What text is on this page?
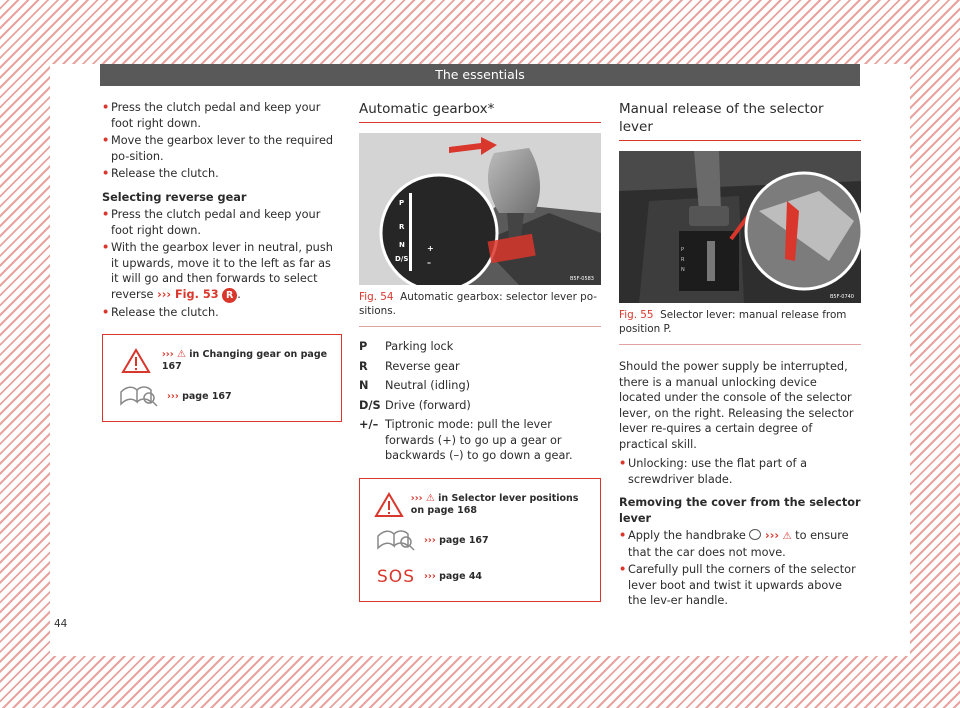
The essentials
• Press the clutch pedal and keep your foot right down.
• Move the gearbox lever to the required po-sition.
• Release the clutch.

Selecting reverse gear

• Press the clutch pedal and keep your foot right down.
• With the gearbox lever in neutral, push it upwards, move it to the left as far as it will go and then forwards to select reverse ››› Fig. 53 R .
• Release the clutch.
››› ⚠ in Changing gear on page 167
››› page 167
Automatic gearbox*
P
R
N
D/S
+
–
B5F-0583
Fig. 54 Automatic gearbox: selector lever po-sitions.
P	Parking lock
R	Reverse gear
N	Neutral (idling)
D/S Drive (forward)
+/– Tiptronic mode: pull the lever forwards (+) to go up a gear or backwards (–) to go down a gear.
››› ⚠ in Selector lever positions on page 168
››› page 167
SOS ››› page 44
Manual release of the selector lever
P
R
N
B5F-0740
Fig. 55 Selector lever: manual release from position P.

Should the power supply be interrupted, there is a manual unlocking device located under the console of the selector lever, on the right. Releasing the selector lever re-quires a certain degree of practical skill.

• Unlocking: use the flat part of a screwdriver blade.

Removing the cover from the selector lever

• Apply the handbrake ››› ⚠ to ensure that the car does not move.
• Carefully pull the corners of the selector lever boot and twist it upwards above the lev-er handle.
44
